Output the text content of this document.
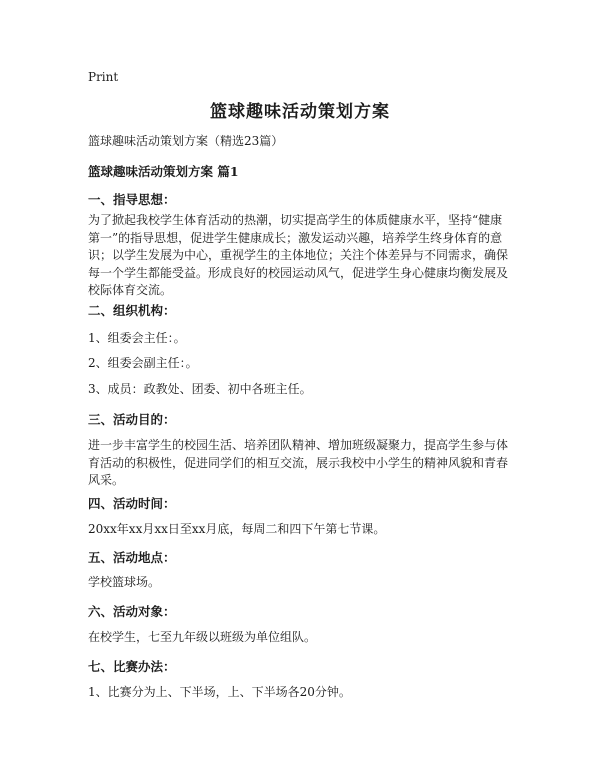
Print
篮球趣味活动策划方案
篮球趣味活动策划方案（精选23篇）
篮球趣味活动策划方案 篇1
一、指导思想：
为了掀起我校学生体育活动的热潮，切实提高学生的体质健康水平，坚持“健康第一”的指导思想，促进学生健康成长；激发运动兴趣，培养学生终身体育的意识；以学生发展为中心，重视学生的主体地位；关注个体差异与不同需求，确保每一个学生都能受益。形成良好的校园运动风气，促进学生身心健康均衡发展及校际体育交流。
二、组织机构：
1、组委会主任：。
2、组委会副主任：。
3、成员：政教处、团委、初中各班主任。
三、活动目的：
进一步丰富学生的校园生活、培养团队精神、增加班级凝聚力，提高学生参与体育活动的积极性，促进同学们的相互交流，展示我校中小学生的精神风貌和青春风采。
四、活动时间：
20xx年xx月xx日至xx月底，每周二和四下午第七节课。
五、活动地点：
学校篮球场。
六、活动对象：
在校学生，七至九年级以班级为单位组队。
七、比赛办法：
1、比赛分为上、下半场，上、下半场各20分钟。
